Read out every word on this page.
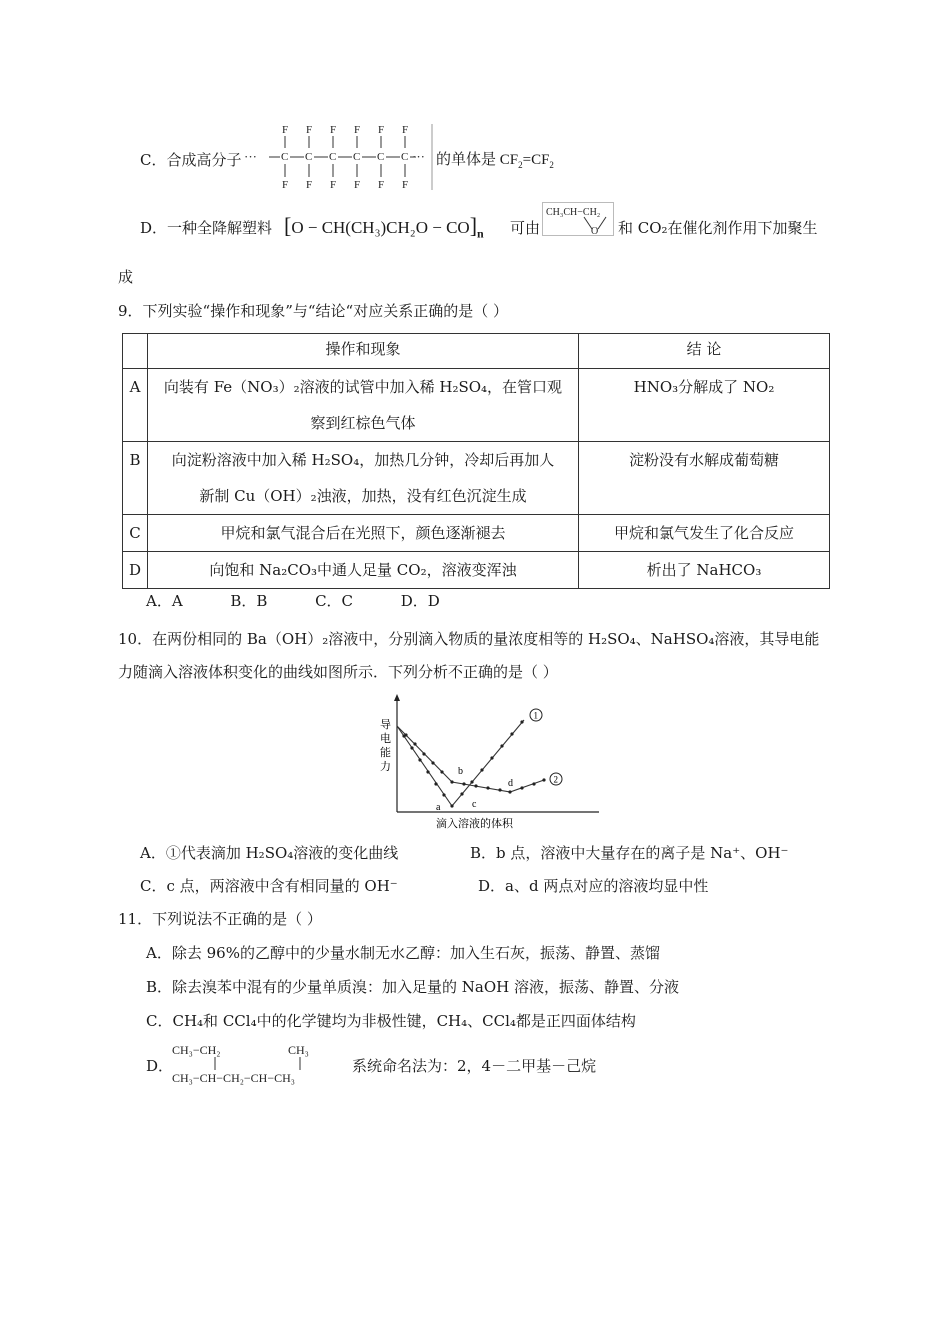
C．合成高分子
F F F F F F
··· C C C C C C ···
F F F F F F
的单体是 $CF_2=CF_2$
D．一种全降解塑料 $[O - CH(CH_3)CH_2O - CO]_n$ 可由
CH₃CH−CH₂
O 和 CO₂在催化剂作用下加聚生
成
9．下列实验“操作和现象”与“结论“对应关系正确的是（ ）
	操作和现象	结 论
A	向装有 Fe（NO₃）₂溶液的试管中加入稀 H₂SO₄，在管口观
察到红棕色气体	HNO₃分解成了 NO₂
B	向淀粉溶液中加入稀 H₂SO₄，加热几分钟，冷却后再加人
新制 Cu（OH）₂浊液，加热，没有红色沉淀生成	淀粉没有水解成葡萄糖
C	甲烷和氯气混合后在光照下，颜色逐渐褪去	甲烷和氯气发生了化合反应
D	向饱和 Na₂CO₃中通人足量 CO₂，溶液变浑浊	析出了 NaHCO₃
A．A          B．B          C．C          D．D
10．在两份相同的 Ba（OH）₂溶液中，分别滴入物质的量浓度相等的 H₂SO₄、NaHSO₄溶液，其导电能
力随滴入溶液体积变化的曲线如图所示．下列分析不正确的是（ ）
导
电
能
力
滴入溶液的体积
1
2
a
b
c
d
A．①代表滴加 H₂SO₄溶液的变化曲线	B．b 点，溶液中大量存在的离子是 Na⁺、OH⁻
C．c 点，两溶液中含有相同量的 OH⁻	D．a、d 两点对应的溶液均显中性
11．下列说法不正确的是（ ）
A．除去 96%的乙醇中的少量水制无水乙醇：加入生石灰，振荡、静置、蒸馏
B．除去溴苯中混有的少量单质溴：加入足量的 NaOH 溶液，振荡、静置、分液
C．CH₄和 CCl₄中的化学键均为非极性键，CH₄、CCl₄都是正四面体结构
D．
CH₃−CH₂	CH₃
CH₃−CH−CH₂−CH−CH₃
系统命名法为：2，4－二甲基－己烷
